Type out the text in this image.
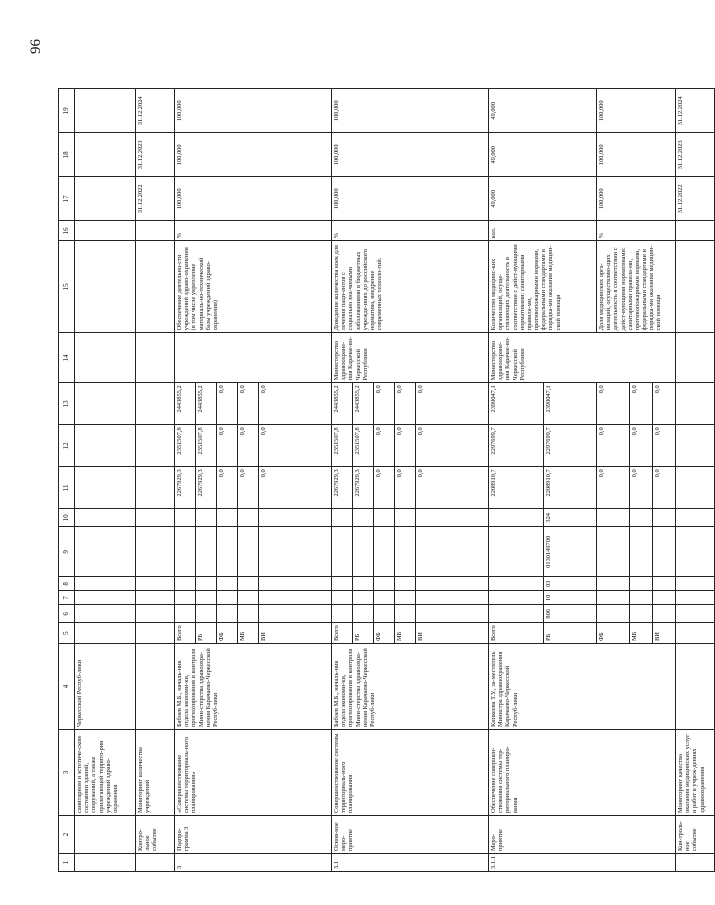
96
1	2	3	4	5	6	7	8	9	10	11	12	13	14	15	16	17	18	19
		санитарном и эстетиче-ском состоянии зданий, сооружений, а также прилегающей террито-рии учреждений здраво-охранения	Черкесской Респуб-лики															
	Контро-льное событие	Мониторинг количества учреждений														31.12.2022	31.12.2023	31.12.2024
3	Подпро-грамма 3	«Совершенствование системы территориаль-ного планирования»	Бабоев М.Б., началь-ник отдела экономи-ки, прогнозирования и контроля Мини-стерства здравоохра-нения Карачаево-Черкесской Респуб-лики	Всего						2267929,3	2351507,8	2443855,2		Обеспечение деятельно-сти учреждений здраво-охранения (в том числе укрепление материаль-но-технической базы учреждений здраво-охранения)	%	100,000	100,000	100,000
				РБ						2267929,3	2351507,8	2443855,2						
				ФБ						0,0	0,0	0,0						
				МБ						0,0	0,0	0,0						
				ВИ						0,0	0,0	0,0						
3.1	Основ-ное меро-приятие	Совершенствование системы территориаль-ного планирования	Бабоев М.Б., началь-ник отдела экономи-ки, прогнозирования и контроля Мини-стерства здравоохра-нения Карачаево-Черкесской Респуб-лики	Всего						2267929,3	2351507,8	2443855,2	Министерство здравоохране-ния Карачае-во-Черкесской Республики	Доведение количества коек для лечения паци-ентов с социально зна-чимыми заболеваниями в бюджетных учрежде-ниях до российского норматива, внедрение современных техноло-гий.	%	100,000	100,000	100,000
				РБ						2267929,3	2351507,8	2443855,2						
				ФБ						0,0	0,0	0,0						
				МБ						0,0	0,0	0,0						
				ВИ						0,0	0,0	0,0						
3.1.1	Меро-приятие	Обеспечение совершен-ствования системы тер-риториального планиро-вания	Кипкеева Т.У., за-меститель Министра здравоохранения Карачаево-Черкесской Респуб-лики	Всего						2208910,7	2297699,7	2390047,1	Министерство здравоохране-ния Карачае-во-Черкесской Республики	Количество медицинс-ких организаций, осуще-ствляющих деятельность в соответствии с дейст-вующими нормативами: санитарными правила-ми, противопожарными нормами, федеральными стандартами и порядка-ми оказания медицин-ской помощи	кол.	49,000	49,000	49,000
				РБ	806	10	03	0130149700	324	2208910,7	2297699,7	2390047,1						
				ФБ						0,0	0,0	0,0		Доля медицинских орга-низаций, осуществляю-щих деятельность в соответствии с дейст-вующими нормативами: санитарными правила-ми, противопожарными нормами, федеральными стандартами и порядка-ми оказания медицин-ской помощи	%	100,000	100,000	100,000
				МБ						0,0	0,0	0,0						
				ВИ						0,0	0,0	0,0						
	Кон-троль-ное событие	Мониторинг качества оказания медицинских услуг и работ в учреж-дениях здравоохранения														31.12.2022	31.12.2023	31.12.2024
